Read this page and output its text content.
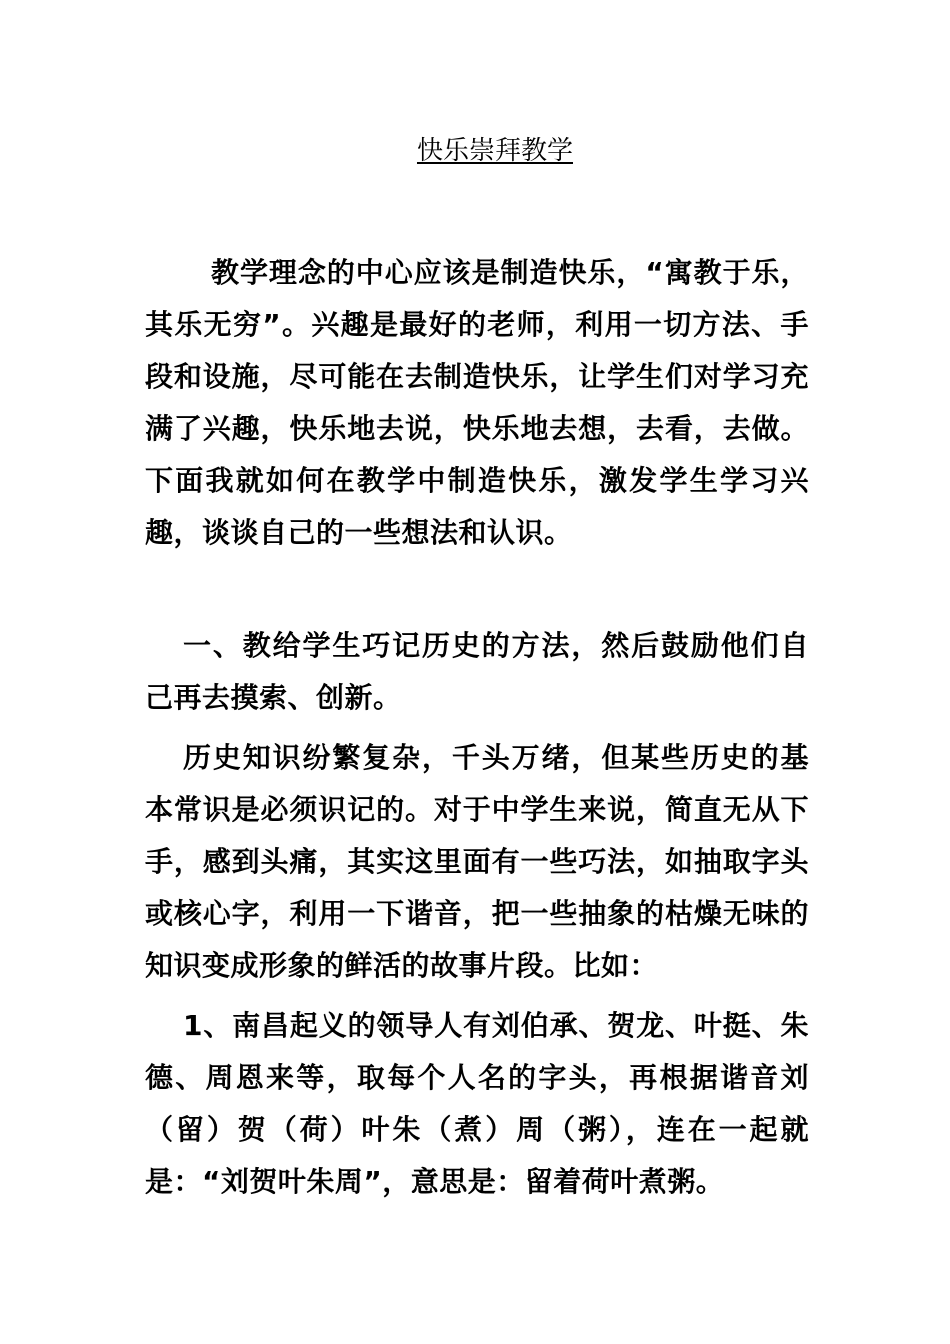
快乐崇拜教学

教学理念的中心应该是制造快乐，“寓教于乐，其乐无穷”。兴趣是最好的老师，利用一切方法、手段和设施，尽可能在去制造快乐，让学生们对学习充满了兴趣，快乐地去说，快乐地去想，去看，去做。下面我就如何在教学中制造快乐，激发学生学习兴趣，谈谈自己的一些想法和认识。

一、教给学生巧记历史的方法，然后鼓励他们自己再去摸索、创新。

历史知识纷繁复杂，千头万绪，但某些历史的基本常识是必须识记的。对于中学生来说，简直无从下手，感到头痛，其实这里面有一些巧法，如抽取字头或核心字，利用一下谐音，把一些抽象的枯燥无味的知识变成形象的鲜活的故事片段。比如：

1、南昌起义的领导人有刘伯承、贺龙、叶挺、朱德、周恩来等，取每个人名的字头，再根据谐音刘（留）贺（荷）叶朱（煮）周（粥），连在一起就是：“刘贺叶朱周”，意思是：留着荷叶煮粥。
